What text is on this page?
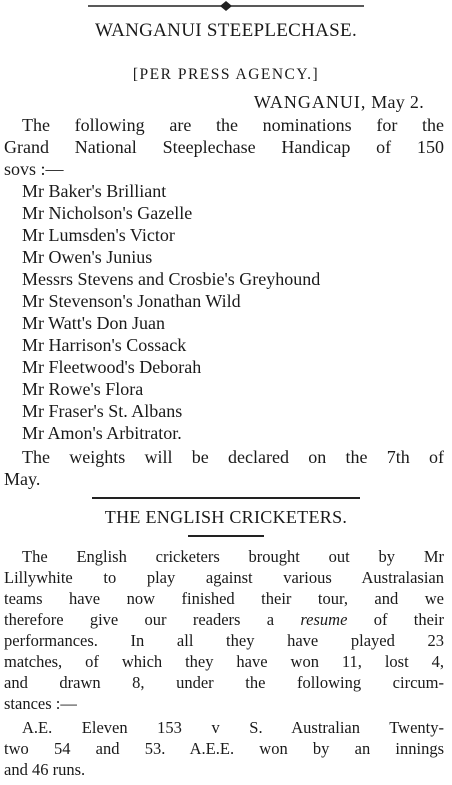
WANGANUI STEEPLECHASE.
[PER PRESS AGENCY.]
WANGANUI, May 2.
The following are the nominations for the
Grand National Steeplechase Handicap of 150
sovs :—
Mr Baker's Brilliant
Mr Nicholson's Gazelle
Mr Lumsden's Victor
Mr Owen's Junius
Messrs Stevens and Crosbie's Greyhound
Mr Stevenson's Jonathan Wild
Mr Watt's Don Juan
Mr Harrison's Cossack
Mr Fleetwood's Deborah
Mr Rowe's Flora
Mr Fraser's St. Albans
Mr Amon's Arbitrator.
The weights will be declared on the 7th of
May.
THE ENGLISH CRICKETERS.
The English cricketers brought out by Mr
Lillywhite to play against various Australasian
teams have now finished their tour, and we
therefore give our readers a resume of their
performances. In all they have played 23
matches, of which they have won 11, lost 4,
and drawn 8, under the following circum-
stances :—
A.E. Eleven 153 v S. Australian Twenty-
two 54 and 53. A.E.E. won by an innings
and 46 runs.
